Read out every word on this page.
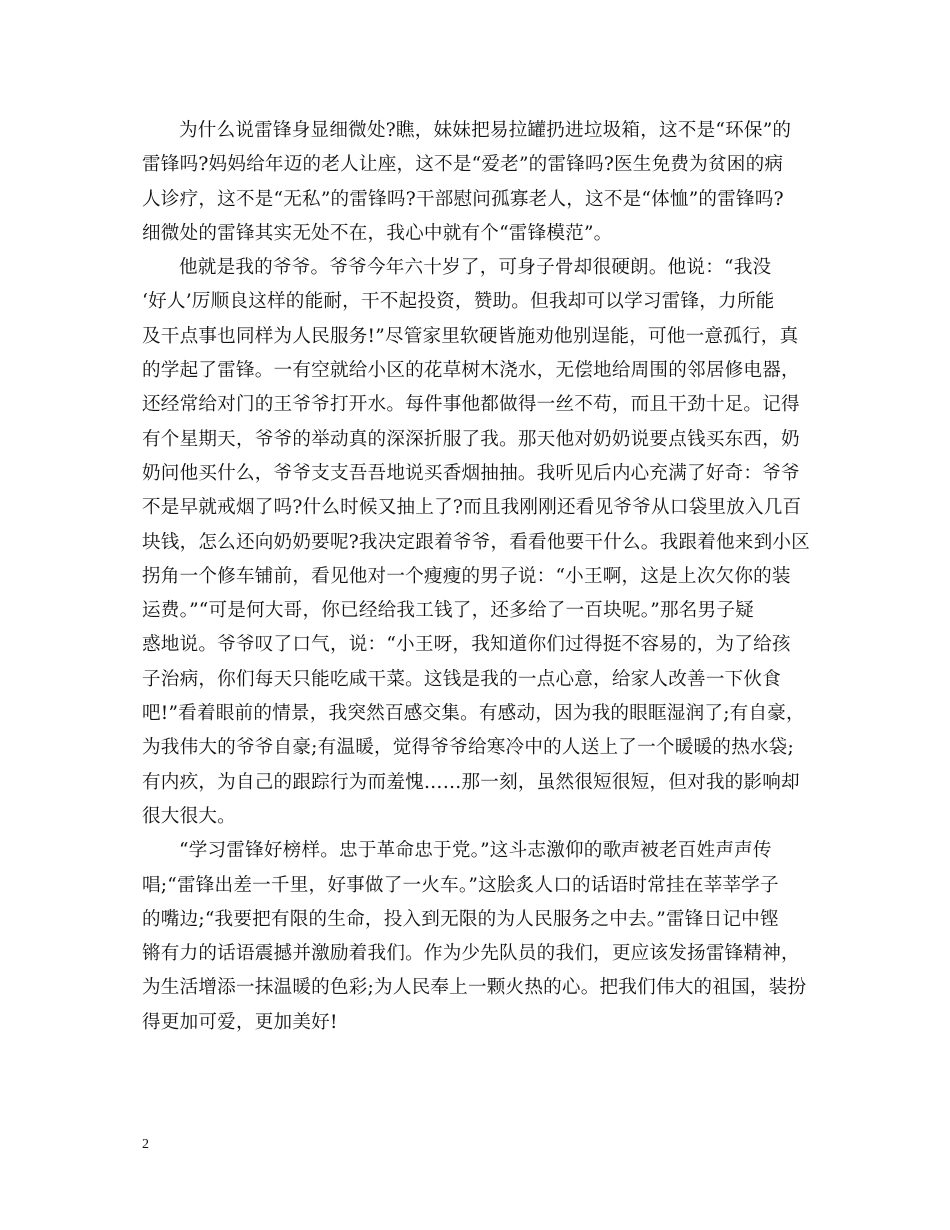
为什么说雷锋身显细微处?瞧，妹妹把易拉罐扔进垃圾箱，这不是“环保”的
雷锋吗?妈妈给年迈的老人让座，这不是“爱老”的雷锋吗?医生免费为贫困的病
人诊疗，这不是“无私”的雷锋吗?干部慰问孤寡老人，这不是“体恤”的雷锋吗?
细微处的雷锋其实无处不在，我心中就有个“雷锋模范”。
他就是我的爷爷。爷爷今年六十岁了，可身子骨却很硬朗。他说：“我没
‘好人’厉顺良这样的能耐，干不起投资，赞助。但我却可以学习雷锋，力所能
及干点事也同样为人民服务!”尽管家里软硬皆施劝他别逞能，可他一意孤行，真
的学起了雷锋。一有空就给小区的花草树木浇水，无偿地给周围的邻居修电器，
还经常给对门的王爷爷打开水。每件事他都做得一丝不苟，而且干劲十足。记得
有个星期天，爷爷的举动真的深深折服了我。那天他对奶奶说要点钱买东西，奶
奶问他买什么，爷爷支支吾吾地说买香烟抽抽。我听见后内心充满了好奇：爷爷
不是早就戒烟了吗?什么时候又抽上了?而且我刚刚还看见爷爷从口袋里放入几百
块钱，怎么还向奶奶要呢?我决定跟着爷爷，看看他要干什么。我跟着他来到小区
拐角一个修车铺前，看见他对一个瘦瘦的男子说：“小王啊，这是上次欠你的装
运费。”“可是何大哥，你已经给我工钱了，还多给了一百块呢。”那名男子疑
惑地说。爷爷叹了口气，说：“小王呀，我知道你们过得挺不容易的，为了给孩
子治病，你们每天只能吃咸干菜。这钱是我的一点心意，给家人改善一下伙食
吧!”看着眼前的情景，我突然百感交集。有感动，因为我的眼眶湿润了;有自豪，
为我伟大的爷爷自豪;有温暖，觉得爷爷给寒冷中的人送上了一个暖暖的热水袋;
有内疚，为自己的跟踪行为而羞愧……那一刻，虽然很短很短，但对我的影响却
很大很大。
“学习雷锋好榜样。忠于革命忠于党。”这斗志激仰的歌声被老百姓声声传
唱;“雷锋出差一千里，好事做了一火车。”这脍炙人口的话语时常挂在莘莘学子
的嘴边;“我要把有限的生命，投入到无限的为人民服务之中去。”雷锋日记中铿
锵有力的话语震撼并激励着我们。作为少先队员的我们，更应该发扬雷锋精神，
为生活增添一抹温暖的色彩;为人民奉上一颗火热的心。把我们伟大的祖国，装扮
得更加可爱，更加美好!
2
